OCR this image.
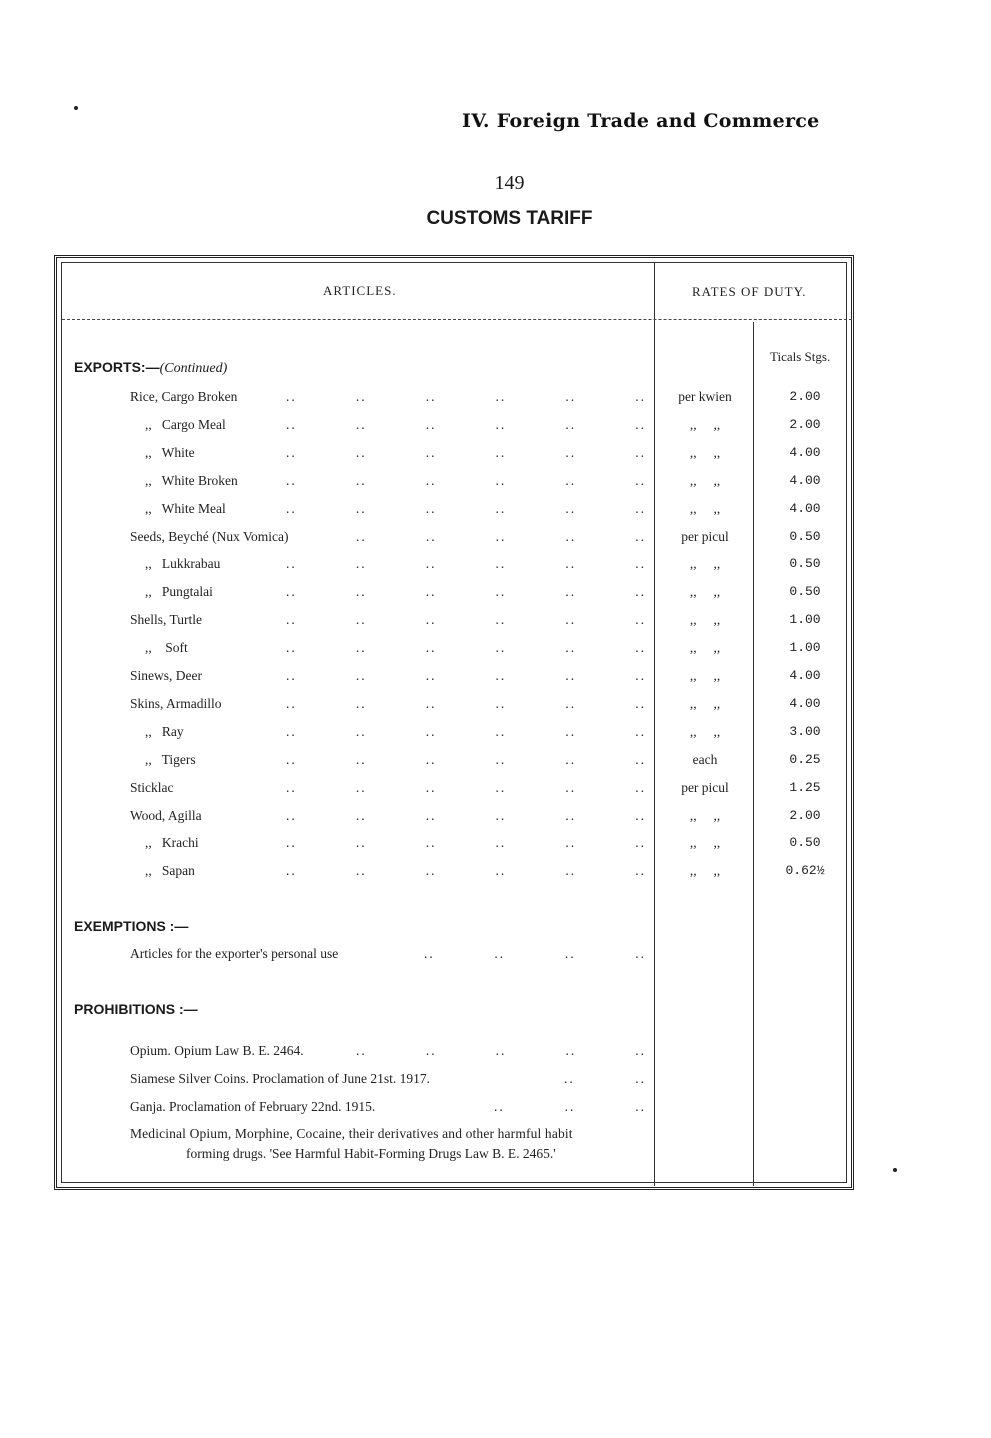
IV. Foreign Trade and Commerce
149
CUSTOMS TARIFF
ARTICLES.	RATES OF DUTY.
Ticals Stgs.
EXPORTS:—(Continued)
Rice, Cargo Broken	..	..	..	..	..	..	per kwien	2.00
,,   Cargo Meal	..	..	..	..	..	..	,,     ,,	2.00
,,   White	..	..	..	..	..	..	,,     ,,	4.00
,,   White Broken	..	..	..	..	..	..	,,     ,,	4.00
,,   White Meal	..	..	..	..	..	..	,,     ,,	4.00
Seeds, Beyché (Nux Vomica)	..	..	..	..	..	per picul	0.50
,,   Lukkrabau	..	..	..	..	..	..	,,     ,,	0.50
,,   Pungtalai	..	..	..	..	..	..	,,     ,,	0.50
Shells, Turtle	..	..	..	..	..	..	,,     ,,	1.00
,,    Soft	..	..	..	..	..	..	,,     ,,	1.00
Sinews, Deer	..	..	..	..	..	..	,,     ,,	4.00
Skins, Armadillo	..	..	..	..	..	..	,,     ,,	4.00
,,   Ray	..	..	..	..	..	..	,,     ,,	3.00
,,   Tigers	..	..	..	..	..	..	each	0.25
Sticklac	..	..	..	..	..	..	per picul	1.25
Wood, Agilla	..	..	..	..	..	..	,,     ,,	2.00
,,   Krachi	..	..	..	..	..	..	,,     ,,	0.50
,,   Sapan	..	..	..	..	..	..	,,     ,,	0.62½
EXEMPTIONS :—
Articles for the exporter's personal use	..	..	..	..
PROHIBITIONS :—
Opium. Opium Law B. E. 2464.	..	..	..	..	..
Siamese Silver Coins. Proclamation of June 21st. 1917.	..	..
Ganja. Proclamation of February 22nd. 1915.	..	..	..
Medicinal Opium, Morphine, Cocaine, their derivatives and other harmful habit
forming drugs. 'See Harmful Habit-Forming Drugs Law B. E. 2465.'
